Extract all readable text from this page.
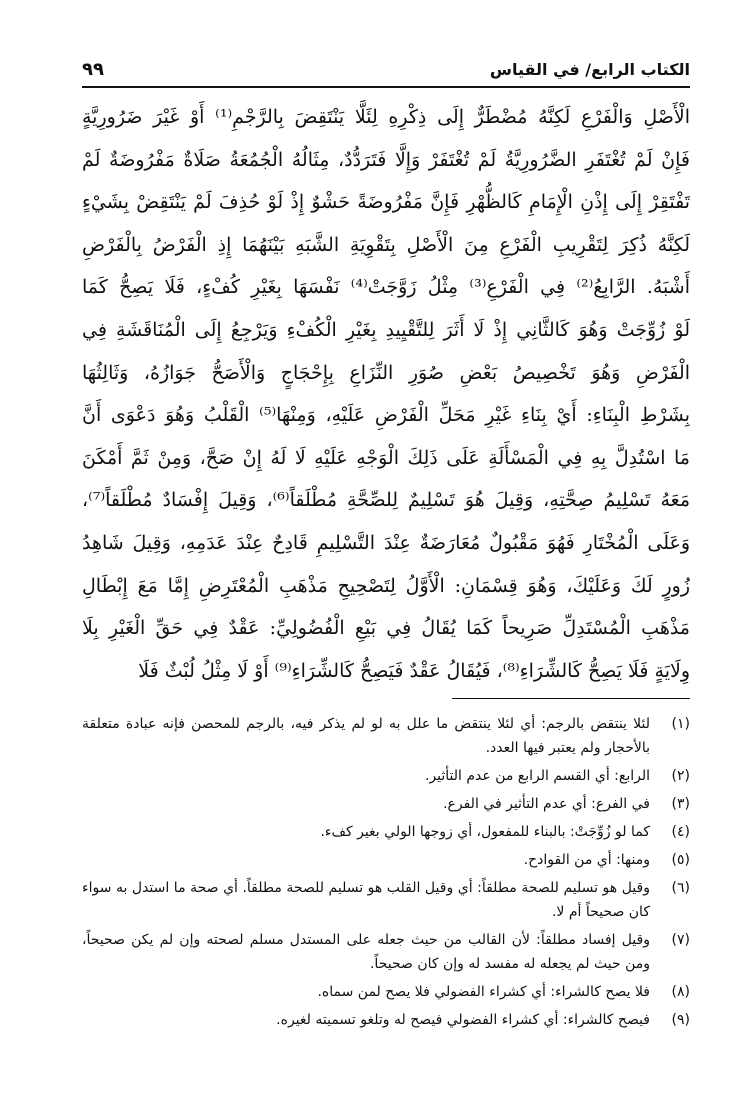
الكتاب الرابع/ في القياس
٩٩
الْأَصْلِ وَالْفَرْعِ لَكِنَّهُ مُضْطَرٌّ إِلَى ذِكْرِهِ لِئَلَّا يَنْتَقِضَ بِالرَّجْمِ⁽¹⁾ أَوْ غَيْرَ ضَرُورِيَّةٍ
فَإِنْ لَمْ تُغْتَفَرِ الضَّرُورِيَّةُ لَمْ تُغْتَفَرْ وَإِلَّا فَتَرَدُّدٌ، مِثَالُهُ الْجُمُعَةُ صَلَاةٌ مَفْرُوضَةٌ لَمْ
تَفْتَقِرْ إِلَى إِذْنِ الْإِمَامِ كَالظُّهْرِ فَإِنَّ مَفْرُوضَةً حَشْوٌ إِذْ لَوْ حُذِفَ لَمْ يَنْتَقِضْ بِشَيْءٍ
لَكِنَّهُ ذُكِرَ لِتَقْرِيبِ الْفَرْعِ مِنَ الْأَصْلِ بِتَقْوِيَةِ الشَّبَهِ بَيْنَهُمَا إِذِ الْفَرْضُ بِالْفَرْضِ
أَشْبَهُ. الرَّابِعُ⁽²⁾ فِي الْفَرْعِ⁽³⁾ مِثْلُ زَوَّجَتْ⁽⁴⁾ نَفْسَهَا بِغَيْرِ كُفْءٍ، فَلَا يَصِحُّ كَمَا
لَوْ زُوِّجَتْ وَهُوَ كَالثَّانِي إِذْ لَا أَثَرَ لِلتَّقْيِيدِ بِغَيْرِ الْكُفْءِ وَيَرْجِعُ إِلَى الْمُنَاقَشَةِ فِي
الْفَرْضِ وَهُوَ تَخْصِيصُ بَعْضِ صُوَرِ النِّزَاعِ بِإِحْجَاجٍ وَالْأَصَحُّ جَوَازُهُ، وَثَالِثُهَا
بِشَرْطِ الْبِنَاءِ: أَيْ بِنَاءِ غَيْرِ مَحَلِّ الْفَرْضِ عَلَيْهِ، وَمِنْهَا⁽⁵⁾ الْقَلْبُ وَهُوَ دَعْوَى أَنَّ
مَا اسْتُدِلَّ بِهِ فِي الْمَسْأَلَةِ عَلَى ذَلِكَ الْوَجْهِ عَلَيْهِ لَا لَهُ إِنْ صَحَّ، وَمِنْ ثَمَّ أَمْكَنَ
مَعَهُ تَسْلِيمُ صِحَّتِهِ، وَقِيلَ هُوَ تَسْلِيمٌ لِلصِّحَّةِ مُطْلَقاً⁽⁶⁾، وَقِيلَ إِفْسَادٌ مُطْلَقاً⁽⁷⁾،
وَعَلَى الْمُخْتَارِ فَهُوَ مَقْبُولٌ مُعَارَضَةٌ عِنْدَ التَّسْلِيمِ قَادِحٌ عِنْدَ عَدَمِهِ، وَقِيلَ شَاهِدُ
زُورٍ لَكَ وَعَلَيْكَ، وَهُوَ قِسْمَانِ: الْأَوَّلُ لِتَصْحِيحِ مَذْهَبِ الْمُعْتَرِضِ إِمَّا مَعَ إِبْطَالِ
مَذْهَبِ الْمُسْتَدِلِّ صَرِيحاً كَمَا يُقَالُ فِي بَيْعِ الْفُضُولِيِّ: عَقْدٌ فِي حَقِّ الْغَيْرِ بِلَا
وِلَايَةٍ فَلَا يَصِحُّ كَالشِّرَاءِ⁽⁸⁾، فَيُقَالُ عَقْدٌ فَيَصِحُّ كَالشِّرَاءِ⁽⁹⁾ أَوْ لَا مِثْلُ لُبْثٌ فَلَا
(١)
لئلا ينتقض بالرجم: أي لئلا ينتقض ما علل به لو لم يذكر فيه، بالرجم للمحصن فإنه عبادة متعلقة بالأحجار ولم يعتبر فيها العدد.
(٢)
الرابع: أي القسم الرابع من عدم التأثير.
(٣)
في الفرع: أي عدم التأثير في الفرع.
(٤)
كما لو زُوِّجَتْ: بالبناء للمفعول، أي زوجها الولي بغير كفء.
(٥)
ومنها: أي من القوادح.
(٦)
وقيل هو تسليم للصحة مطلقاً: أي وقيل القلب هو تسليم للصحة مطلقاً. أي صحة ما استدل به سواء كان صحيحاً أم لا.
(٧)
وقيل إفساد مطلقاً: لأن القالب من حيث جعله على المستدل مسلم لصحته وإن لم يكن صحيحاً، ومن حيث لم يجعله له مفسد له وإن كان صحيحاً.
(٨)
فلا يصح كالشراء: أي كشراء الفضولي فلا يصح لمن سماه.
(٩)
فيصح كالشراء: أي كشراء الفضولي فيصح له وتلغو تسميته لغيره.
